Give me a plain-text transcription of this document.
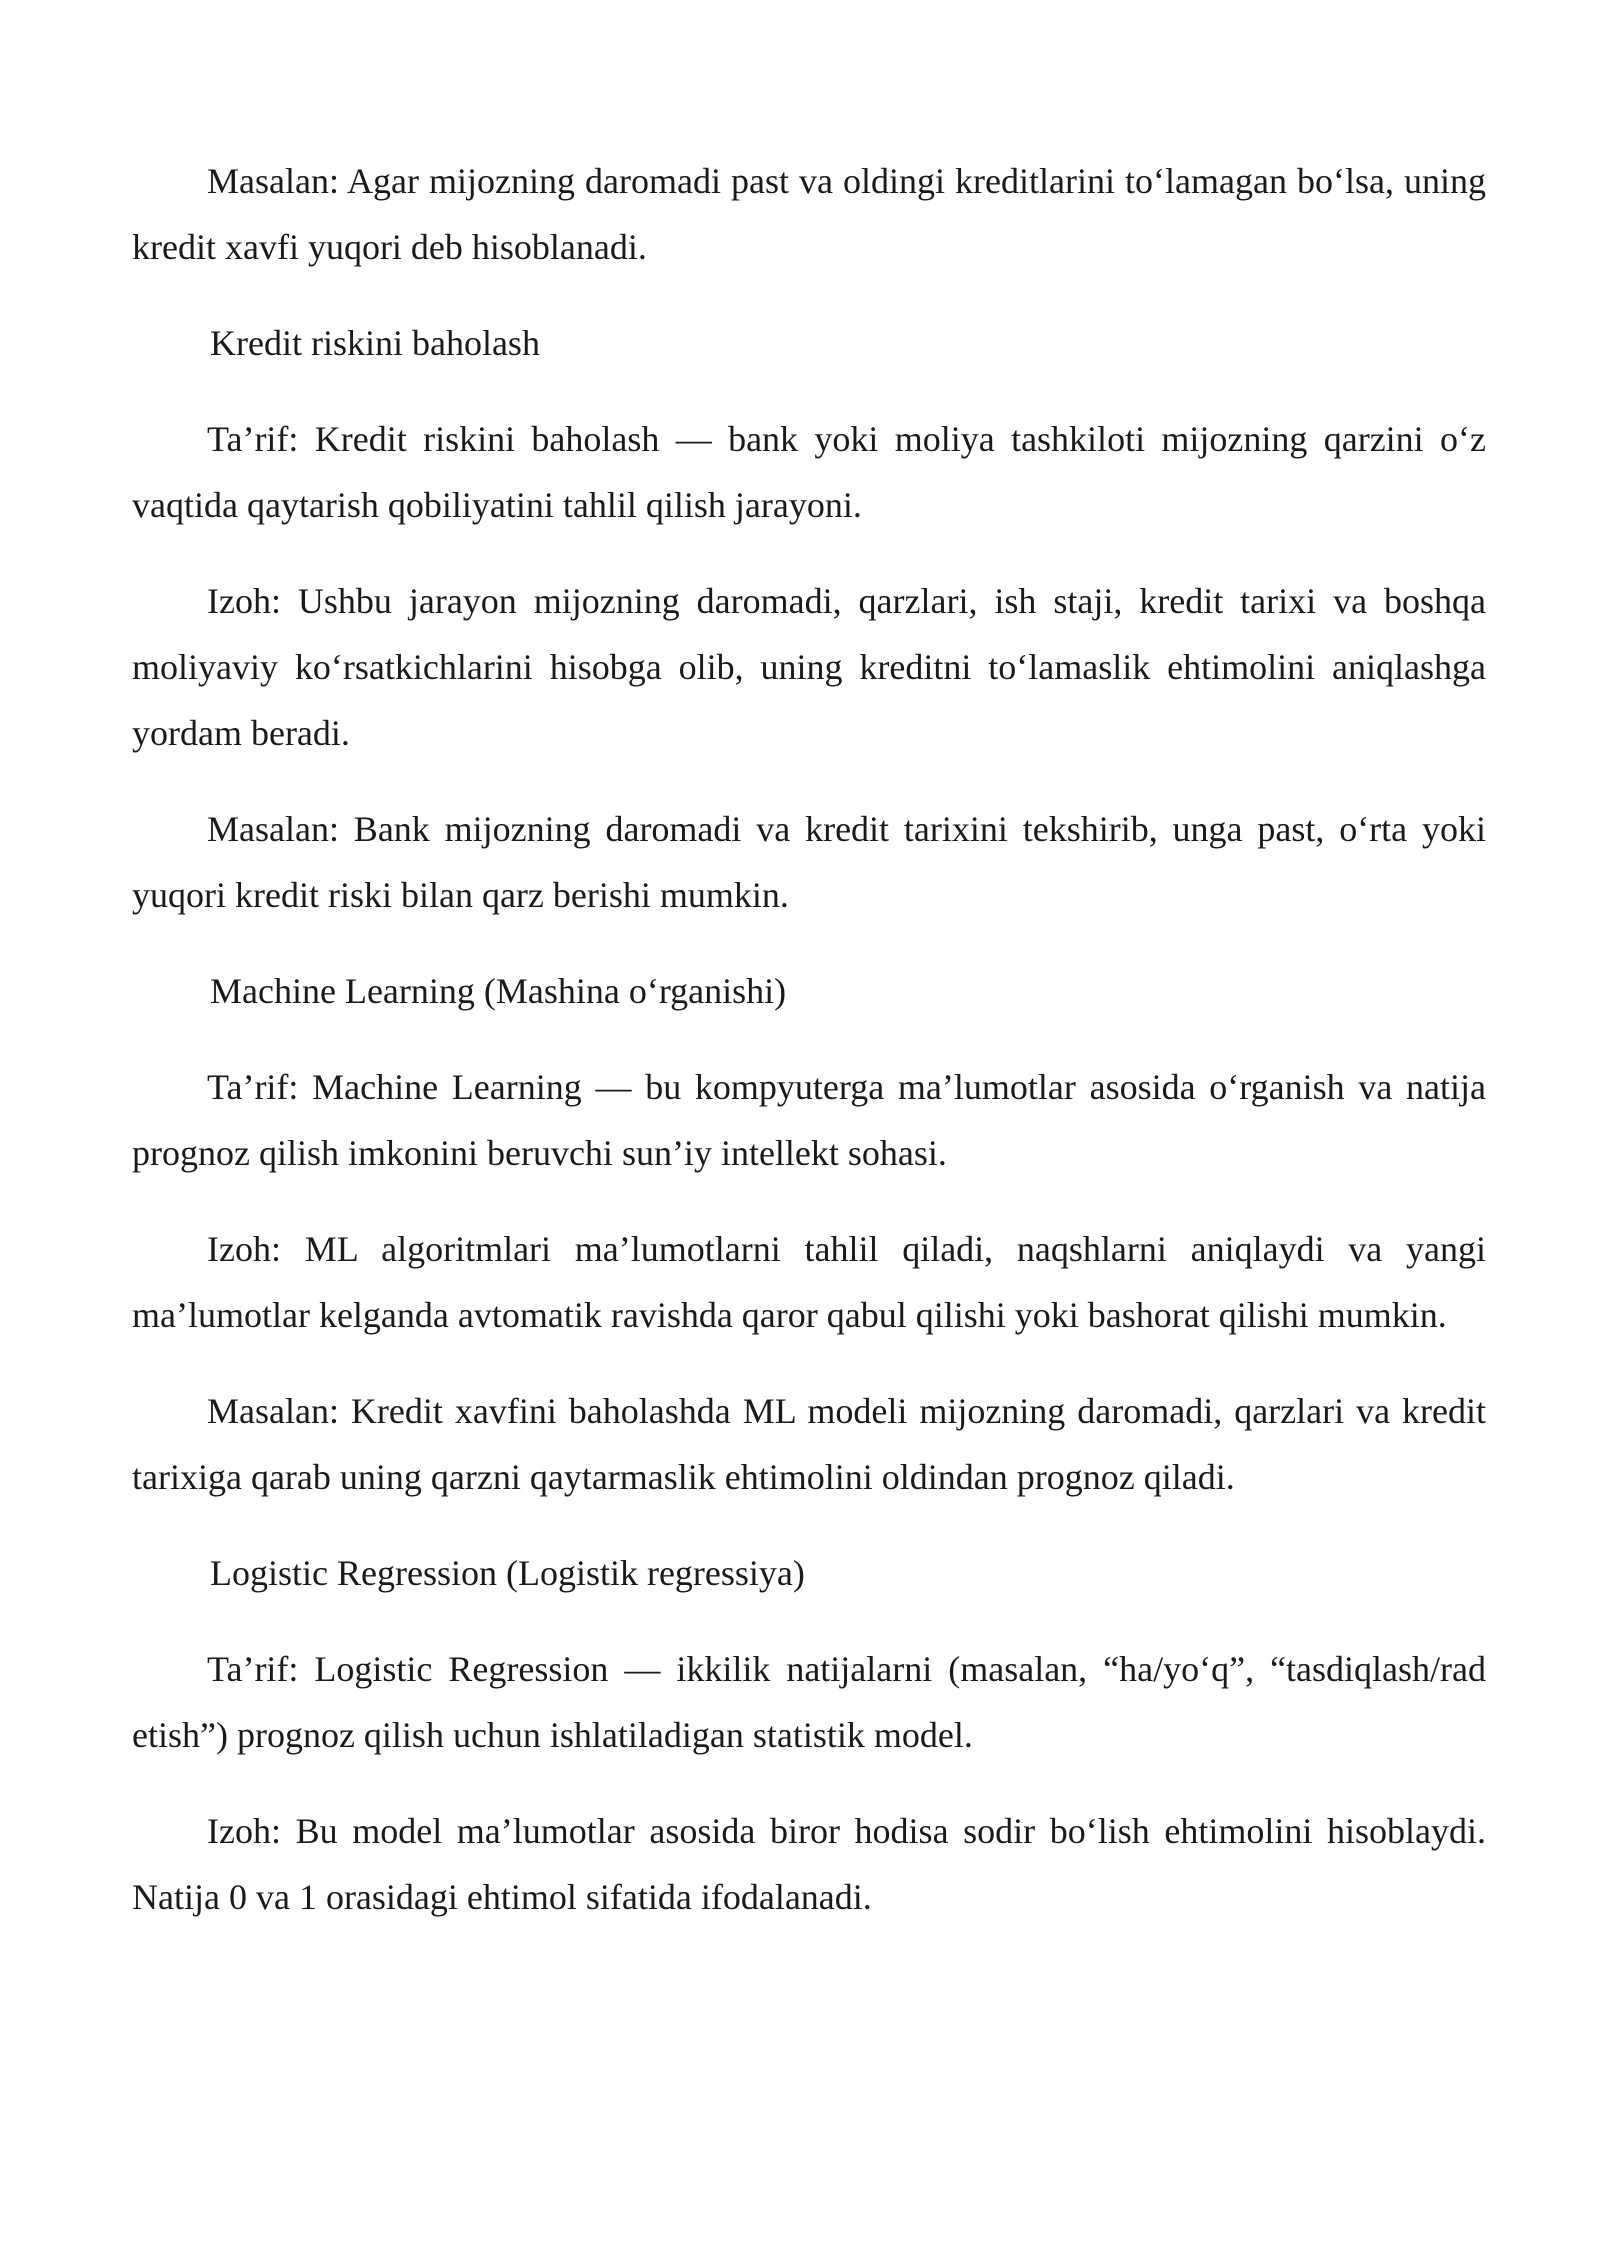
Masalan: Agar mijozning daromadi past va oldingi kreditlarini to‘lamagan bo‘lsa, uning kredit xavfi yuqori deb hisoblanadi.

Kredit riskini baholash

Ta’rif: Kredit riskini baholash — bank yoki moliya tashkiloti mijozning qarzini o‘z vaqtida qaytarish qobiliyatini tahlil qilish jarayoni.

Izoh: Ushbu jarayon mijozning daromadi, qarzlari, ish staji, kredit tarixi va boshqa moliyaviy ko‘rsatkichlarini hisobga olib, uning kreditni to‘lamaslik ehtimolini aniqlashga yordam beradi.

Masalan: Bank mijozning daromadi va kredit tarixini tekshirib, unga past, o‘rta yoki yuqori kredit riski bilan qarz berishi mumkin.

Machine Learning (Mashina o‘rganishi)

Ta’rif: Machine Learning — bu kompyuterga ma’lumotlar asosida o‘rganish va natija prognoz qilish imkonini beruvchi sun’iy intellekt sohasi.

Izoh: ML algoritmlari ma’lumotlarni tahlil qiladi, naqshlarni aniqlaydi va yangi ma’lumotlar kelganda avtomatik ravishda qaror qabul qilishi yoki bashorat qilishi mumkin.

Masalan: Kredit xavfini baholashda ML modeli mijozning daromadi, qarzlari va kredit tarixiga qarab uning qarzni qaytarmaslik ehtimolini oldindan prognoz qiladi.

Logistic Regression (Logistik regressiya)

Ta’rif: Logistic Regression — ikkilik natijalarni (masalan, “ha/yo‘q”, “tasdiqlash/rad etish”) prognoz qilish uchun ishlatiladigan statistik model.

Izoh: Bu model ma’lumotlar asosida biror hodisa sodir bo‘lish ehtimolini hisoblaydi. Natija 0 va 1 orasidagi ehtimol sifatida ifodalanadi.
